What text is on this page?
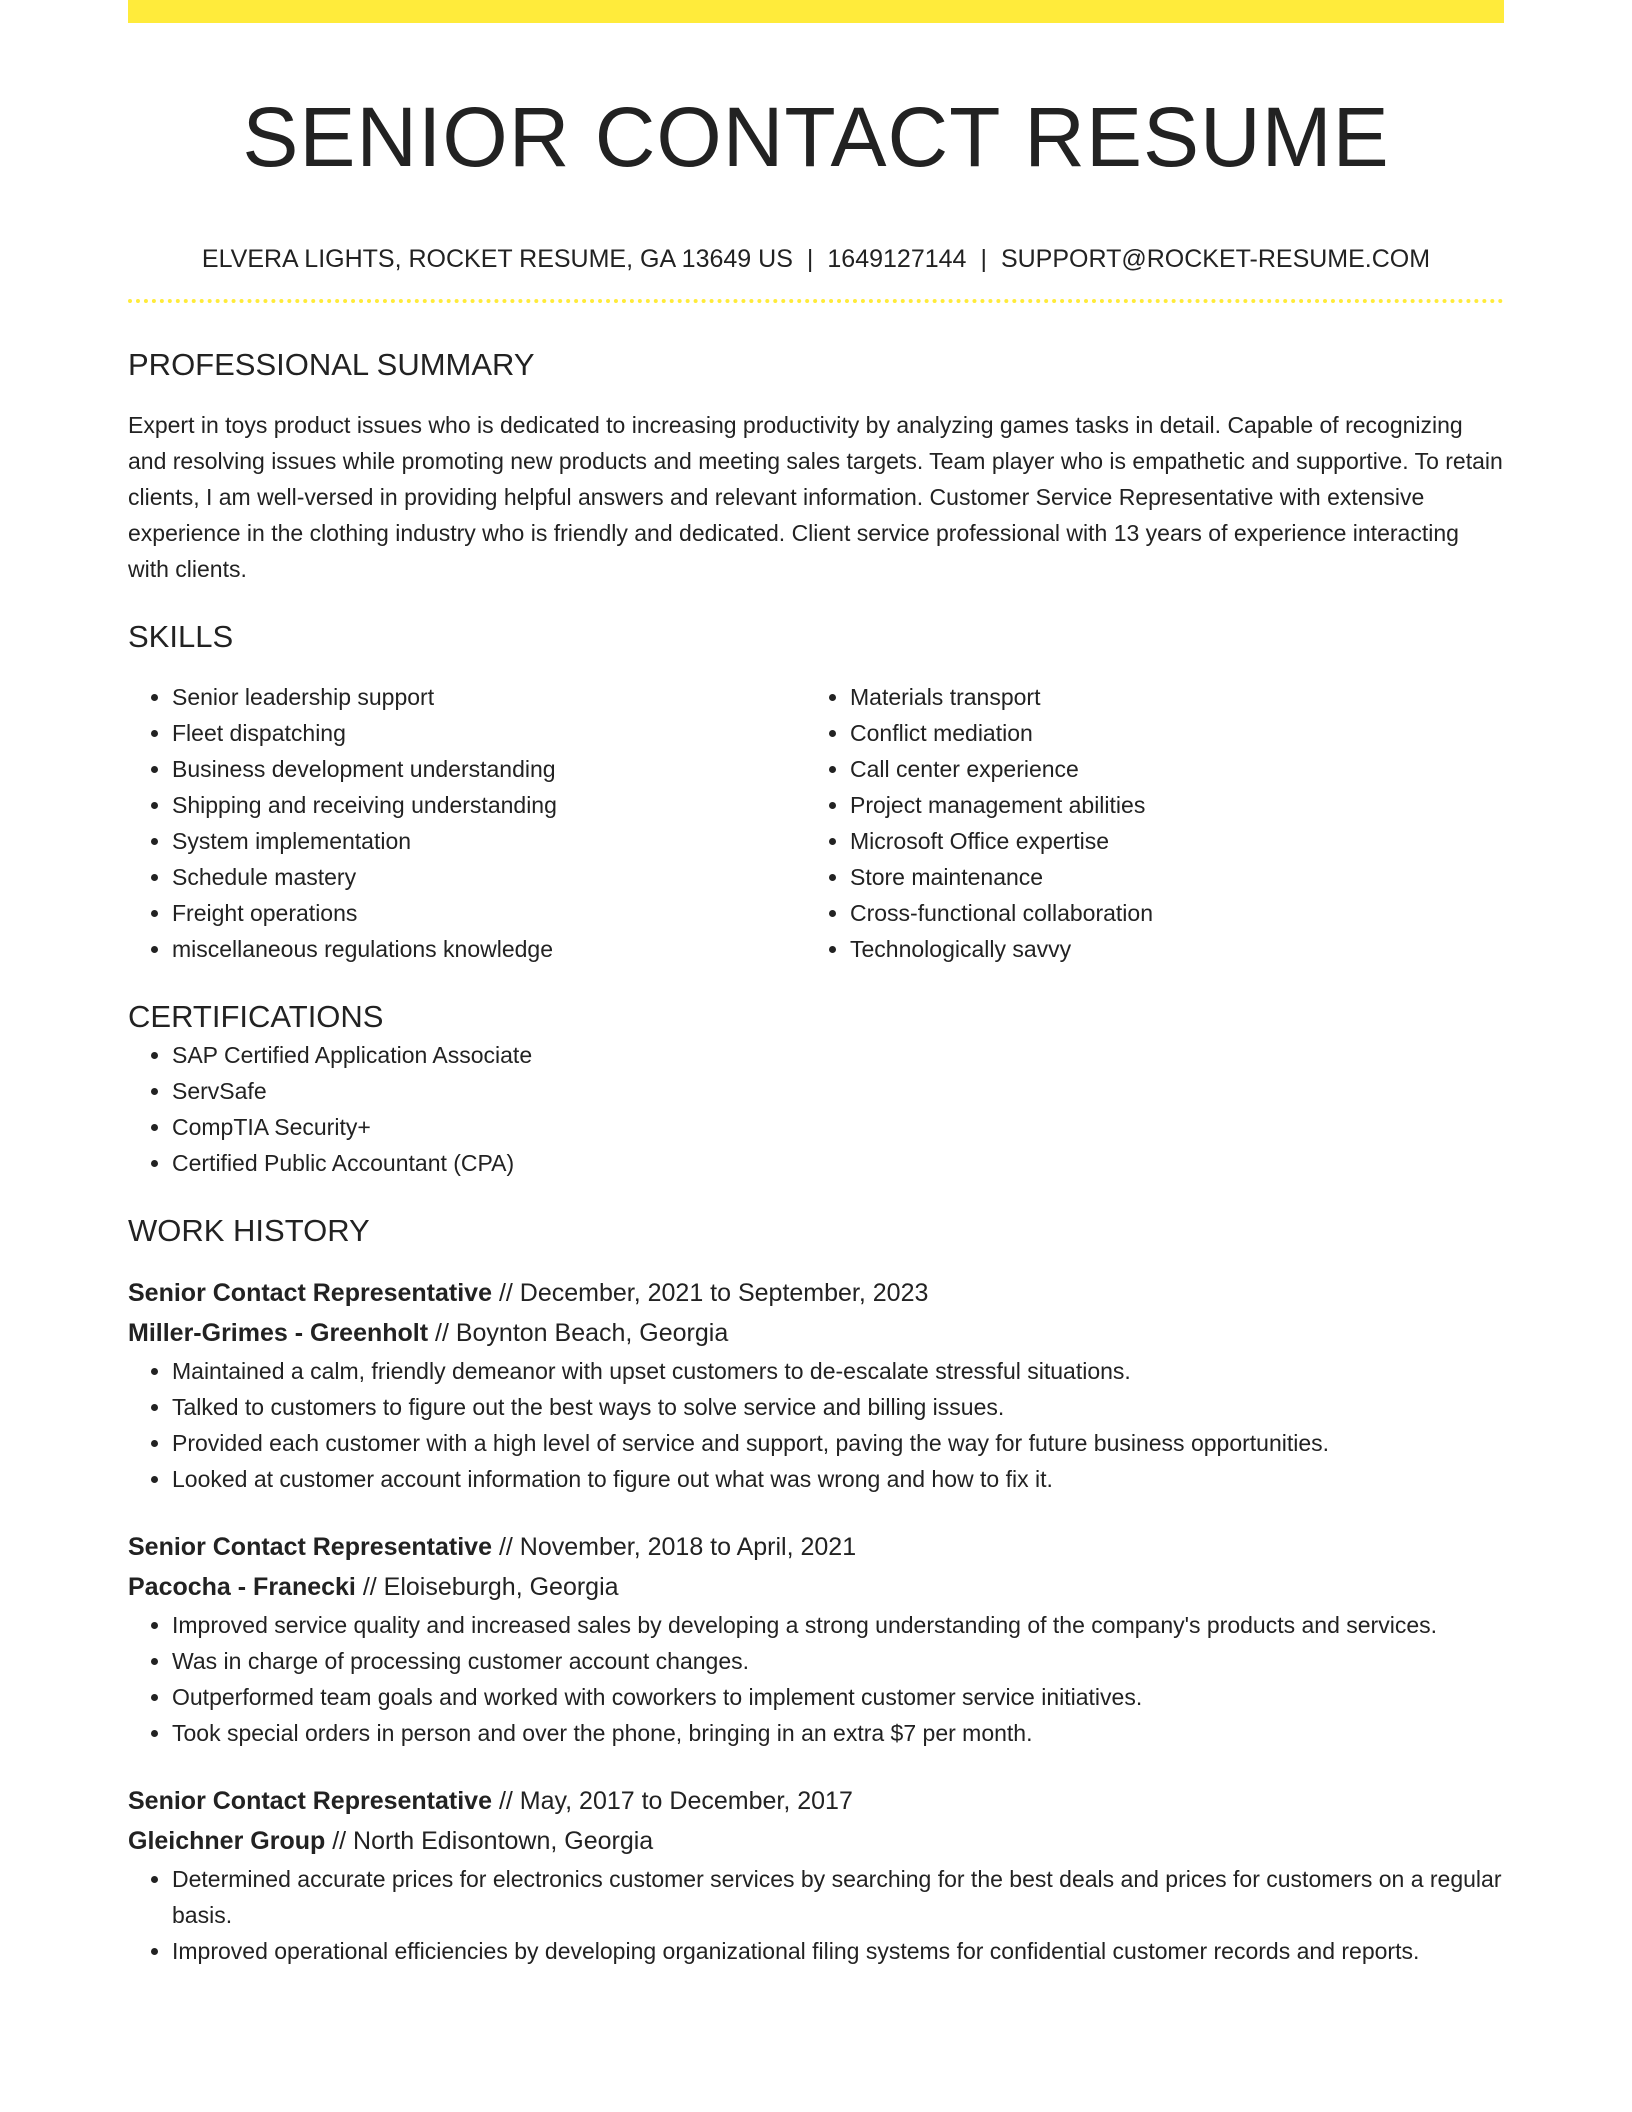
SENIOR CONTACT RESUME
ELVERA LIGHTS, ROCKET RESUME, GA 13649 US | 1649127144 | SUPPORT@ROCKET-RESUME.COM
PROFESSIONAL SUMMARY

Expert in toys product issues who is dedicated to increasing productivity by analyzing games tasks in detail. Capable of recognizing and resolving issues while promoting new products and meeting sales targets. Team player who is empathetic and supportive. To retain clients, I am well-versed in providing helpful answers and relevant information. Customer Service Representative with extensive experience in the clothing industry who is friendly and dedicated. Client service professional with 13 years of experience interacting with clients.

SKILLS
• Senior leadership support
• Fleet dispatching
• Business development understanding
• Shipping and receiving understanding
• System implementation
• Schedule mastery
• Freight operations
• miscellaneous regulations knowledge
• Materials transport
• Conflict mediation
• Call center experience
• Project management abilities
• Microsoft Office expertise
• Store maintenance
• Cross-functional collaboration
• Technologically savvy
CERTIFICATIONS
• SAP Certified Application Associate
• ServSafe
• CompTIA Security+
• Certified Public Accountant (CPA)
WORK HISTORY
Senior Contact Representative // December, 2021 to September, 2023
Miller-Grimes - Greenholt // Boynton Beach, Georgia
• Maintained a calm, friendly demeanor with upset customers to de-escalate stressful situations.
• Talked to customers to figure out the best ways to solve service and billing issues.
• Provided each customer with a high level of service and support, paving the way for future business opportunities.
• Looked at customer account information to figure out what was wrong and how to fix it.
Senior Contact Representative // November, 2018 to April, 2021
Pacocha - Franecki // Eloiseburgh, Georgia
• Improved service quality and increased sales by developing a strong understanding of the company's products and services.
• Was in charge of processing customer account changes.
• Outperformed team goals and worked with coworkers to implement customer service initiatives.
• Took special orders in person and over the phone, bringing in an extra $7 per month.
Senior Contact Representative // May, 2017 to December, 2017
Gleichner Group // North Edisontown, Georgia
• Determined accurate prices for electronics customer services by searching for the best deals and prices for customers on a regular basis.
• Improved operational efficiencies by developing organizational filing systems for confidential customer records and reports.
